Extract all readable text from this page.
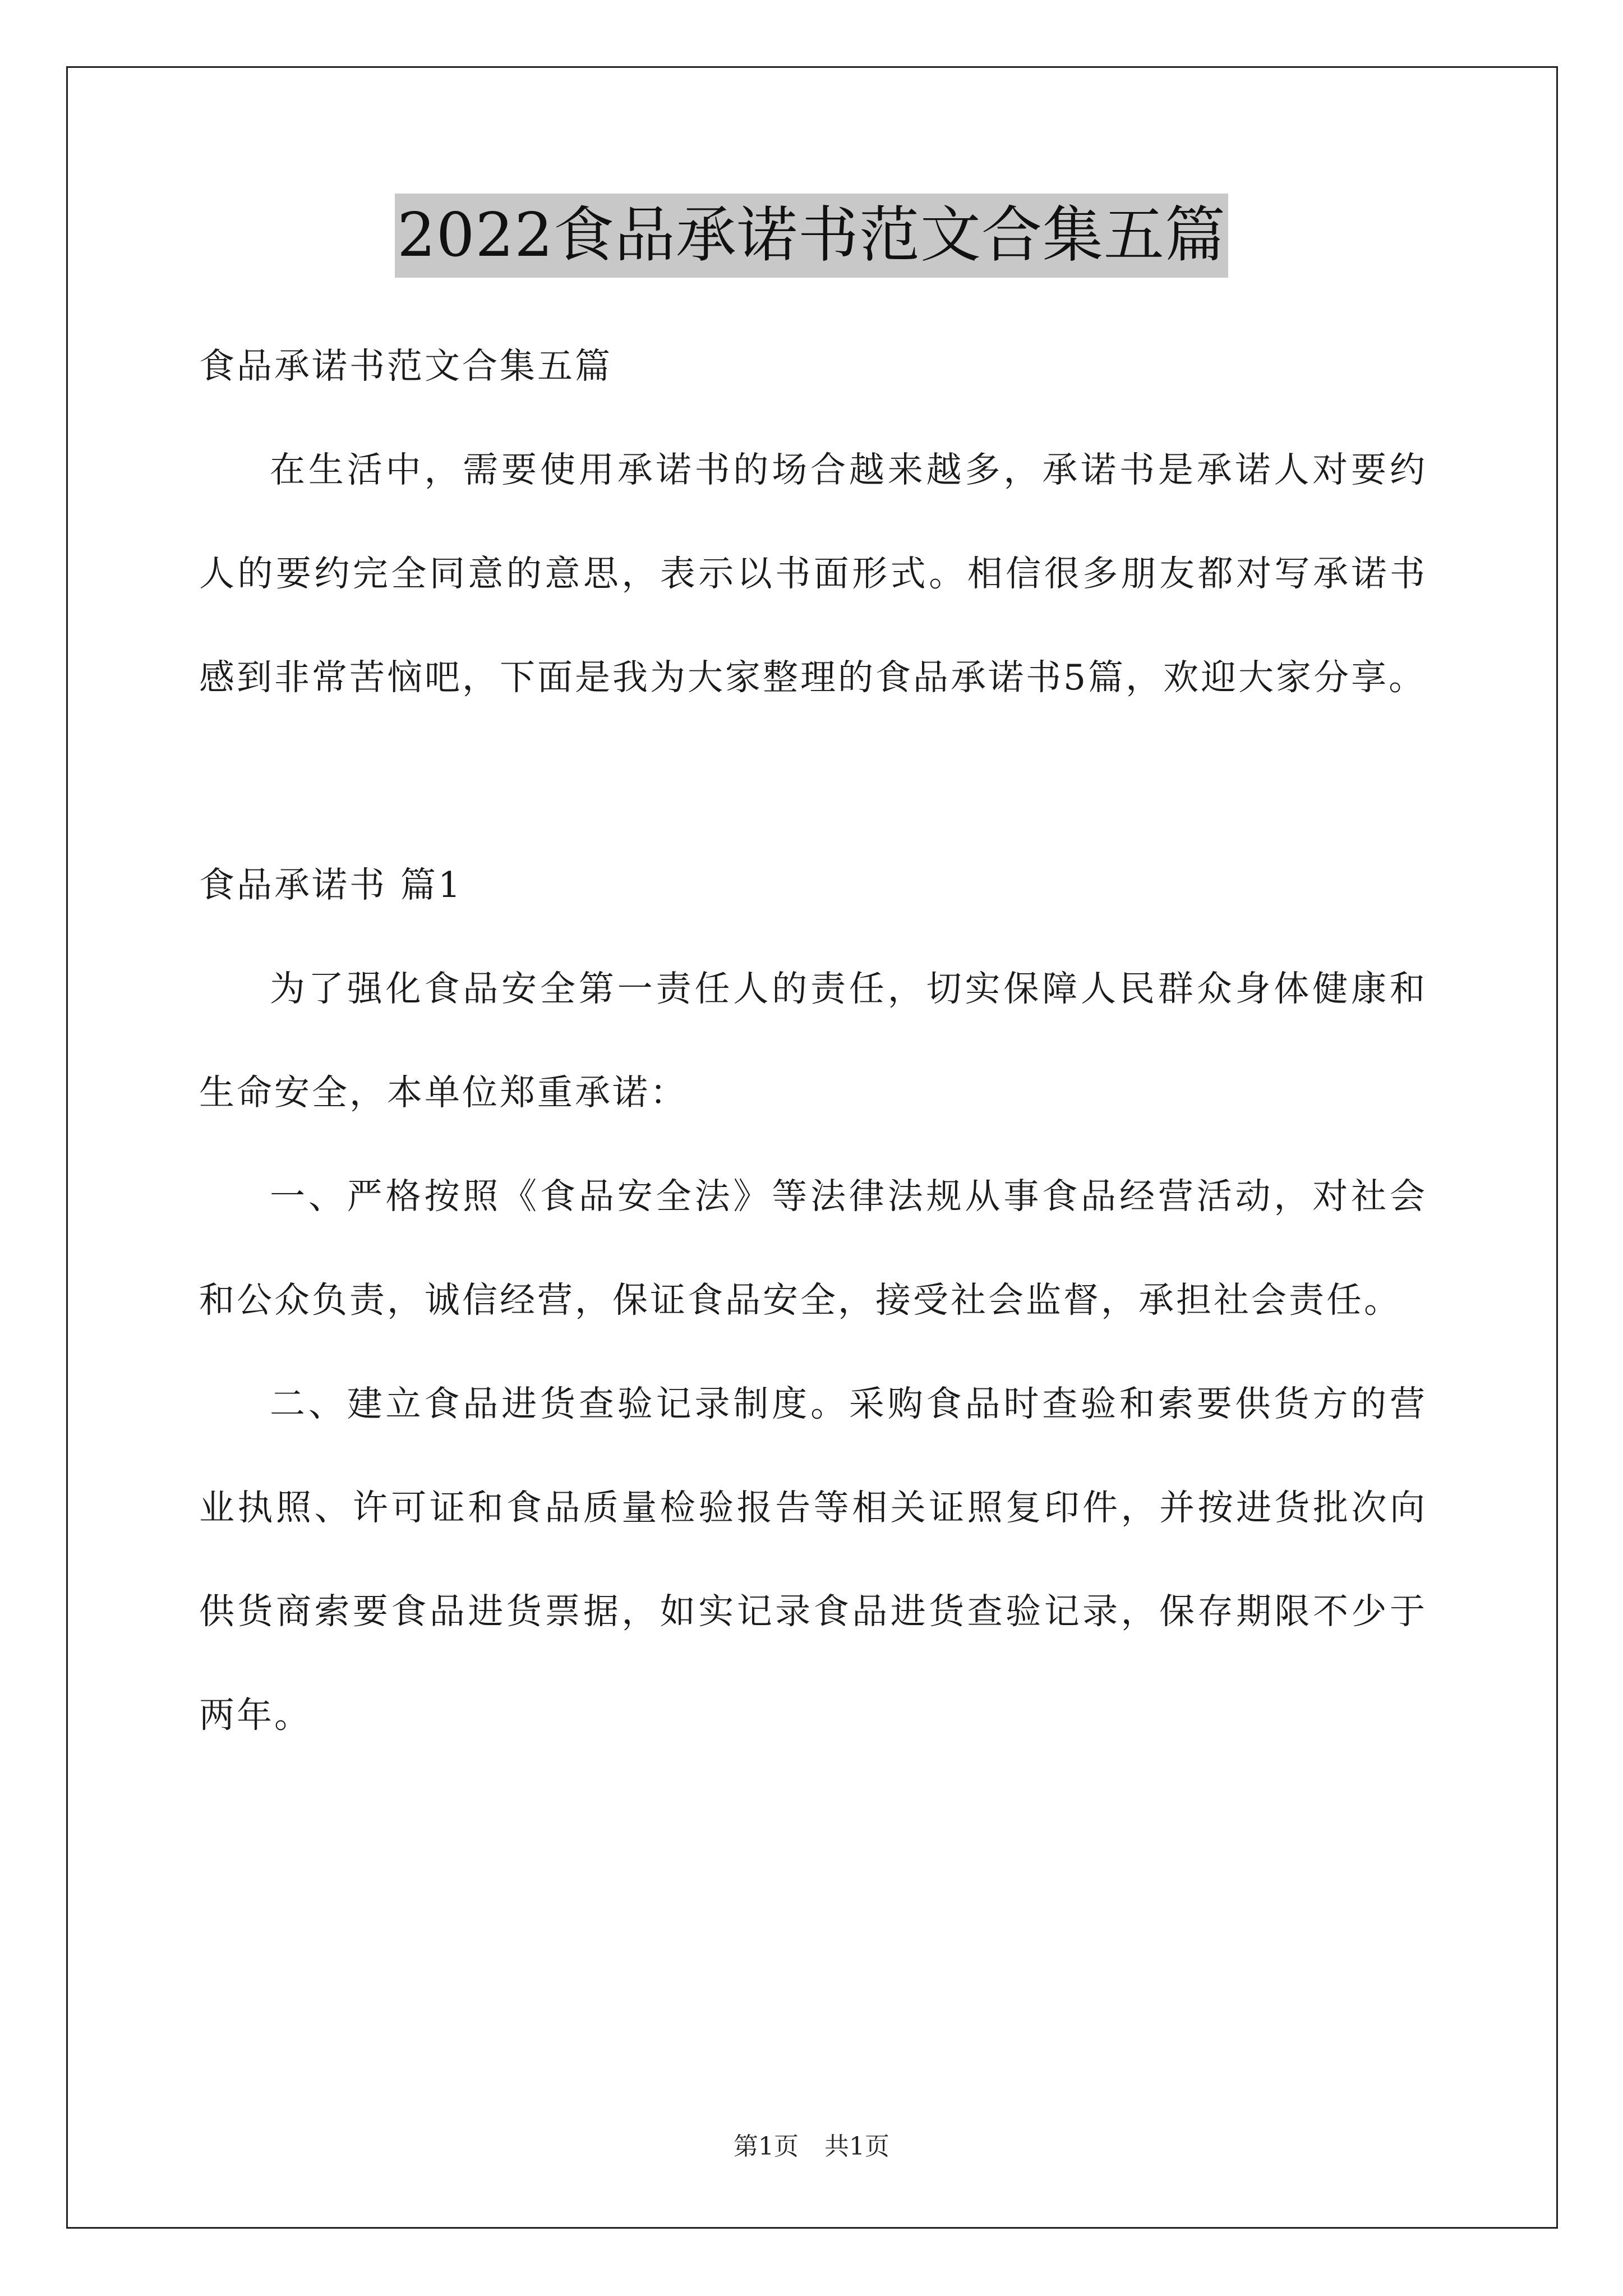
2022食品承诺书范文合集五篇

食品承诺书范文合集五篇

在生活中，需要使用承诺书的场合越来越多，承诺书是承诺人对要约人的要约完全同意的意思，表示以书面形式。相信很多朋友都对写承诺书感到非常苦恼吧，下面是我为大家整理的食品承诺书5篇，欢迎大家分享。

食品承诺书 篇1

为了强化食品安全第一责任人的责任，切实保障人民群众身体健康和生命安全，本单位郑重承诺：

一、严格按照《食品安全法》等法律法规从事食品经营活动，对社会和公众负责，诚信经营，保证食品安全，接受社会监督，承担社会责任。

二、建立食品进货查验记录制度。采购食品时查验和索要供货方的营业执照、许可证和食品质量检验报告等相关证照复印件，并按进货批次向供货商索要食品进货票据，如实记录食品进货查验记录，保存期限不少于两年。

第1页 共1页
